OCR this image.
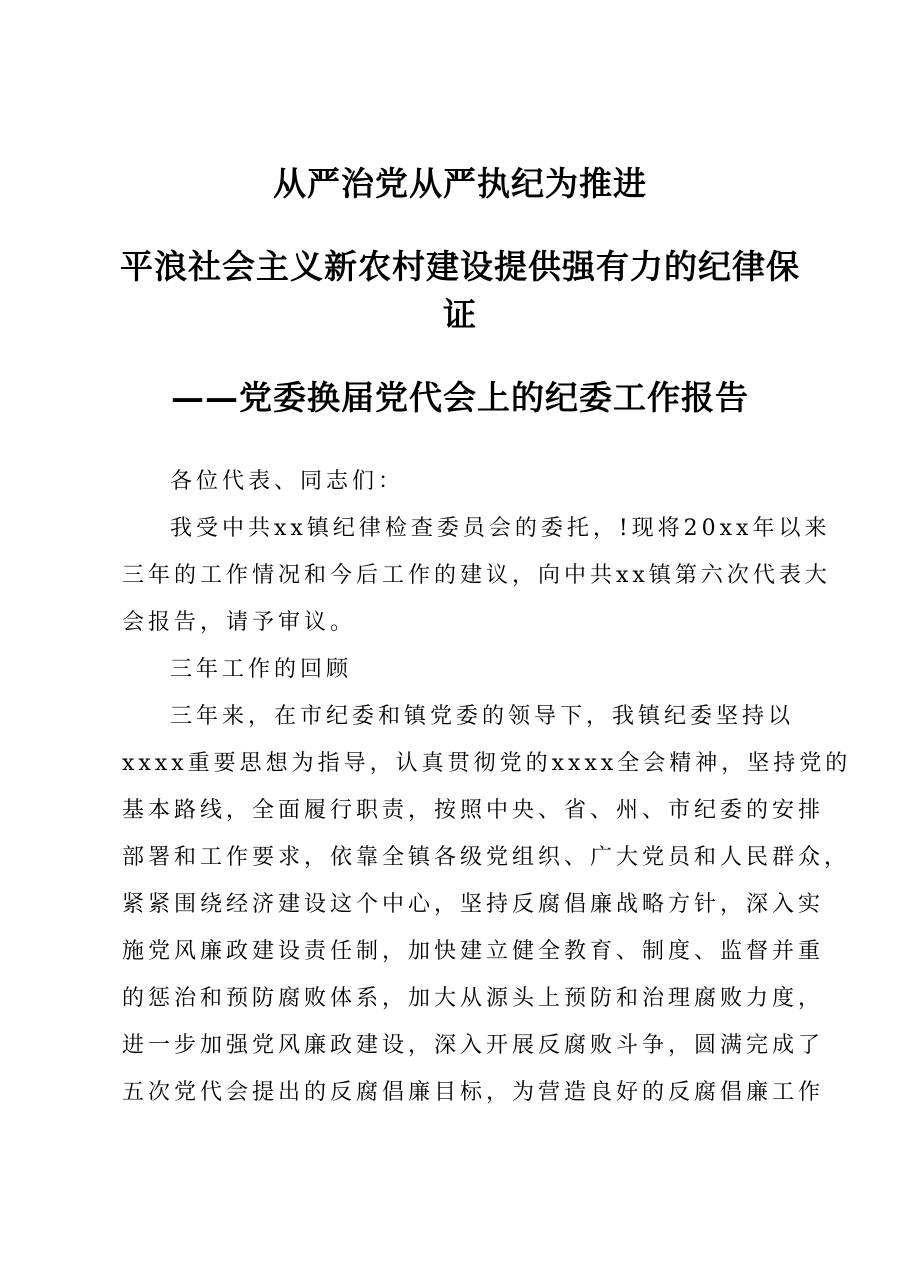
从严治党从严执纪为推进
平浪社会主义新农村建设提供强有力的纪律保
证
——党委换届党代会上的纪委工作报告
各位代表、同志们：
我受中共xx镇纪律检查委员会的委托，!现将20xx年以来
三年的工作情况和今后工作的建议，向中共xx镇第六次代表大
会报告，请予审议。
三年工作的回顾
三年来，在市纪委和镇党委的领导下，我镇纪委坚持以
xxxx重要思想为指导，认真贯彻党的xxxx全会精神，坚持党的
基本路线，全面履行职责，按照中央、省、州、市纪委的安排
部署和工作要求，依靠全镇各级党组织、广大党员和人民群众，
紧紧围绕经济建设这个中心，坚持反腐倡廉战略方针，深入实
施党风廉政建设责任制，加快建立健全教育、制度、监督并重
的惩治和预防腐败体系，加大从源头上预防和治理腐败力度，
进一步加强党风廉政建设，深入开展反腐败斗争，圆满完成了
五次党代会提出的反腐倡廉目标，为营造良好的反腐倡廉工作
